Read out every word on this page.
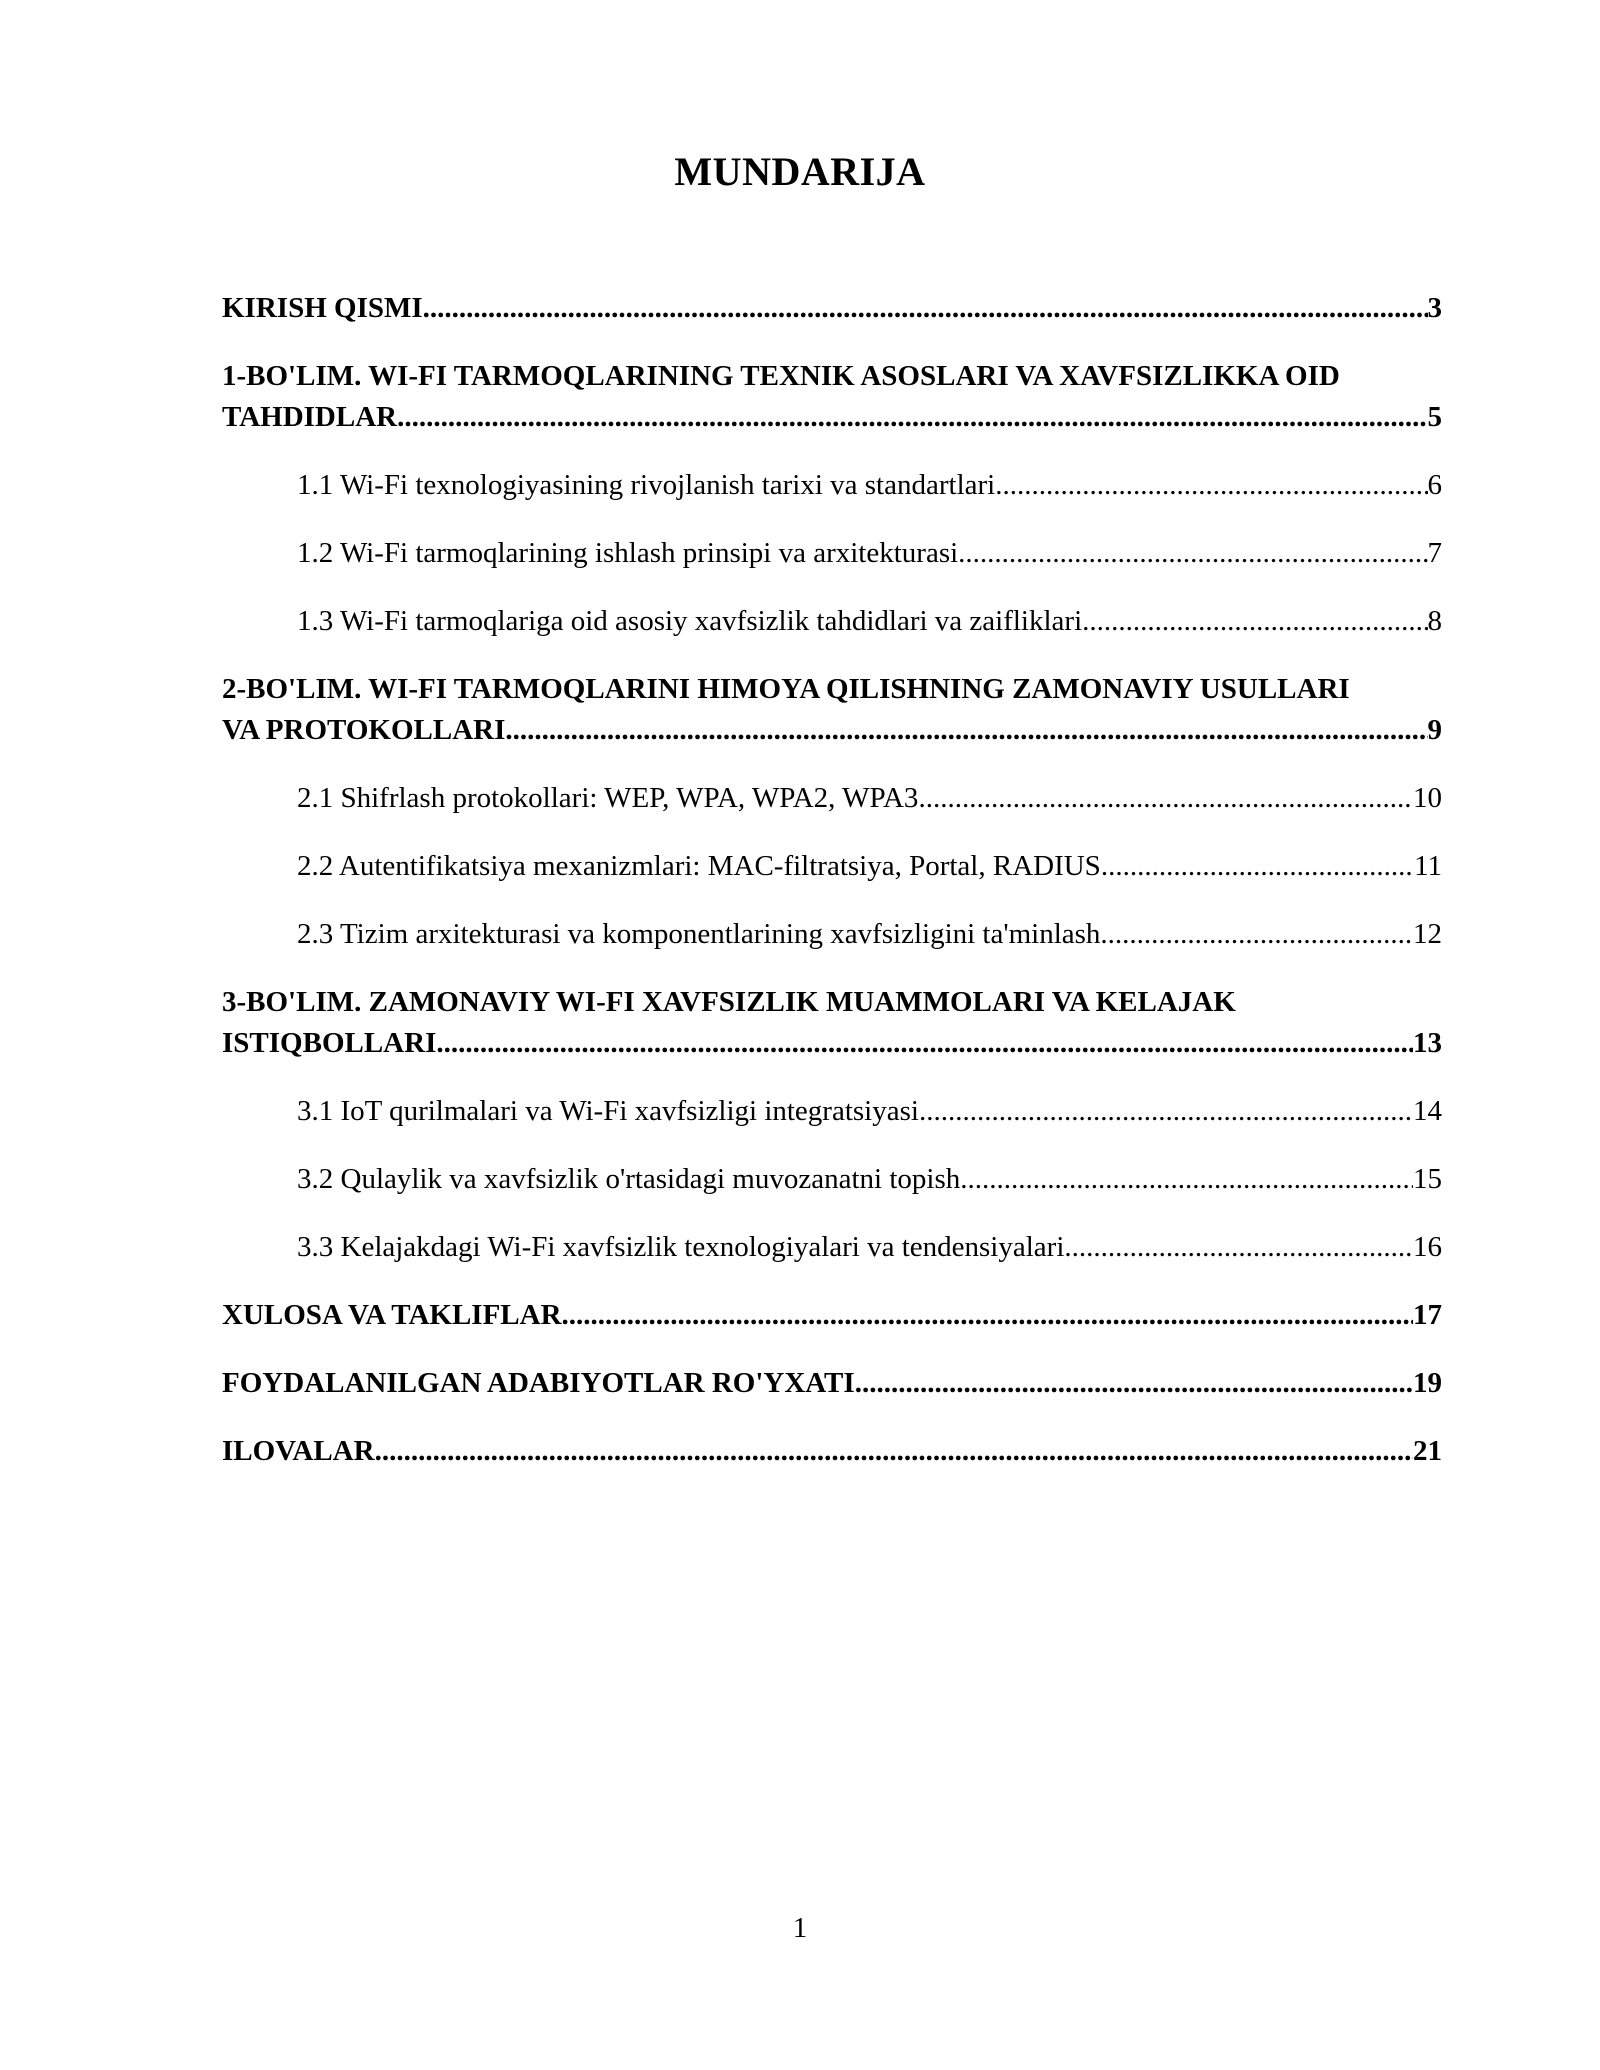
MUNDARIJA
KIRISH QISMI .....	3
1-BO'LIM. WI-FI TARMOQLARINING TEXNIK ASOSLARI VA XAVFSIZLIKKA OID
TAHDIDLAR .....	5
1.1 Wi-Fi texnologiyasining rivojlanish tarixi va standartlari .....	6
1.2 Wi-Fi tarmoqlarining ishlash prinsipi va arxitekturasi .....	7
1.3 Wi-Fi tarmoqlariga oid asosiy xavfsizlik tahdidlari va zaifliklari .....	8
2-BO'LIM. WI-FI TARMOQLARINI HIMOYA QILISHNING ZAMONAVIY USULLARI
VA PROTOKOLLARI .....	9
2.1 Shifrlash protokollari: WEP, WPA, WPA2, WPA3 .....	10
2.2 Autentifikatsiya mexanizmlari: MAC-filtratsiya, Portal, RADIUS .....	11
2.3 Tizim arxitekturasi va komponentlarining xavfsizligini ta'minlash .....	12
3-BO'LIM. ZAMONAVIY WI-FI XAVFSIZLIK MUAMMOLARI VA KELAJAK
ISTIQBOLLARI .....	13
3.1 IoT qurilmalari va Wi-Fi xavfsizligi integratsiyasi .....	14
3.2 Qulaylik va xavfsizlik o'rtasidagi muvozanatni topish .....	15
3.3 Kelajakdagi Wi-Fi xavfsizlik texnologiyalari va tendensiyalari .....	16
XULOSA VA TAKLIFLAR .....	17
FOYDALANILGAN ADABIYOTLAR RO'YXATI .....	19
ILOVALAR .....	21
1
